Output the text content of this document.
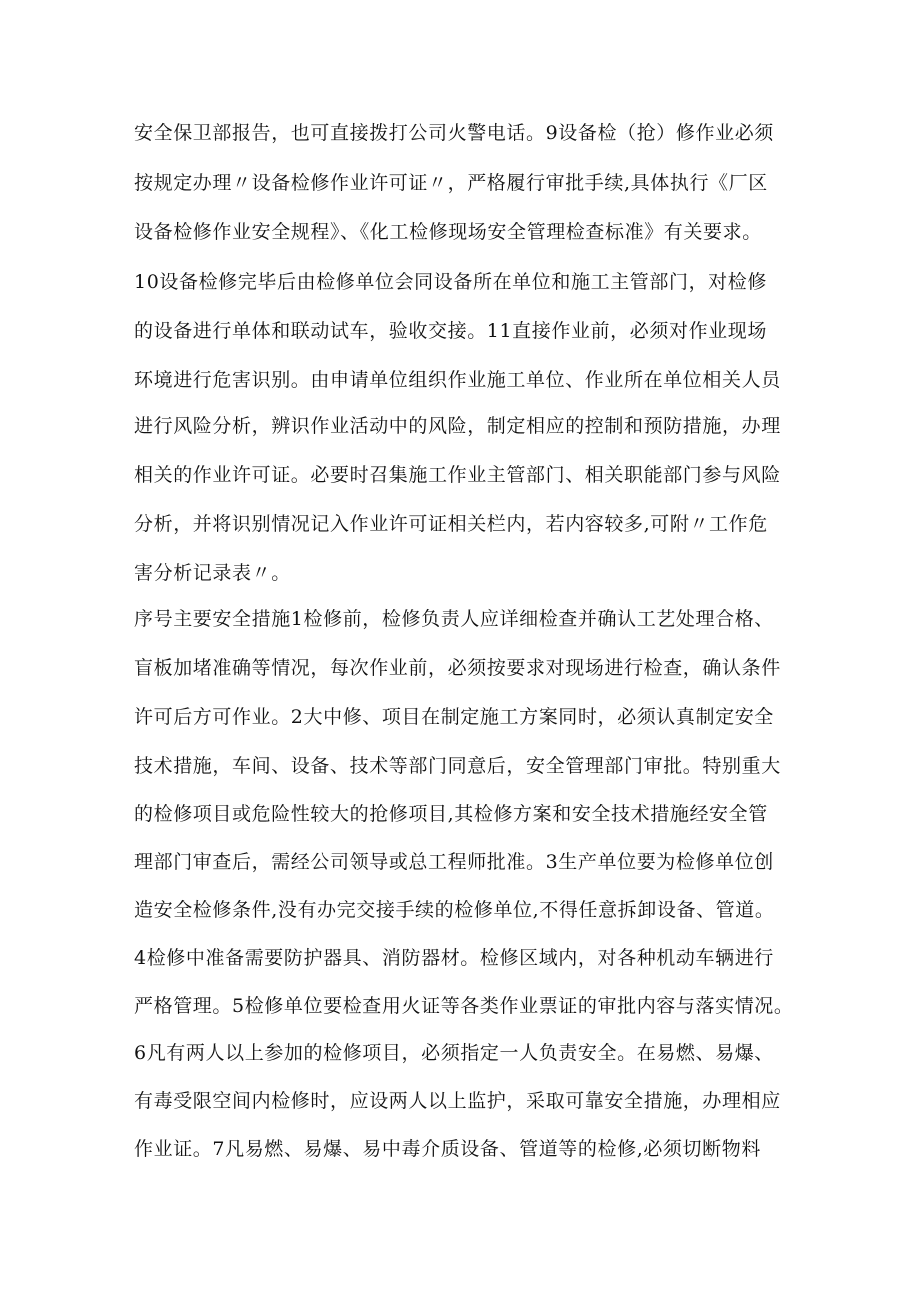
安全保卫部报告，也可直接拨打公司火警电话。9设备检（抢）修作业必须
按规定办理〃设备检修作业许可证〃，严格履行审批手续,具体执行《厂区
设备检修作业安全规程》、《化工检修现场安全管理检查标准》有关要求。
10设备检修完毕后由检修单位会同设备所在单位和施工主管部门，对检修
的设备进行单体和联动试车，验收交接。11直接作业前，必须对作业现场
环境进行危害识别。由申请单位组织作业施工单位、作业所在单位相关人员
进行风险分析，辨识作业活动中的风险，制定相应的控制和预防措施，办理
相关的作业许可证。必要时召集施工作业主管部门、相关职能部门参与风险
分析，并将识别情况记入作业许可证相关栏内，若内容较多,可附〃工作危
害分析记录表〃。
序号主要安全措施1检修前，检修负责人应详细检查并确认工艺处理合格、
盲板加堵准确等情况，每次作业前，必须按要求对现场进行检查，确认条件
许可后方可作业。2大中修、项目在制定施工方案同时，必须认真制定安全
技术措施，车间、设备、技术等部门同意后，安全管理部门审批。特别重大
的检修项目或危险性较大的抢修项目,其检修方案和安全技术措施经安全管
理部门审查后，需经公司领导或总工程师批准。3生产单位要为检修单位创
造安全检修条件,没有办完交接手续的检修单位,不得任意拆卸设备、管道。
4检修中准备需要防护器具、消防器材。检修区域内，对各种机动车辆进行
严格管理。5检修单位要检查用火证等各类作业票证的审批内容与落实情况。
6凡有两人以上参加的检修项目，必须指定一人负责安全。在易燃、易爆、
有毒受限空间内检修时，应设两人以上监护，采取可靠安全措施，办理相应
作业证。7凡易燃、易爆、易中毒介质设备、管道等的检修,必须切断物料
